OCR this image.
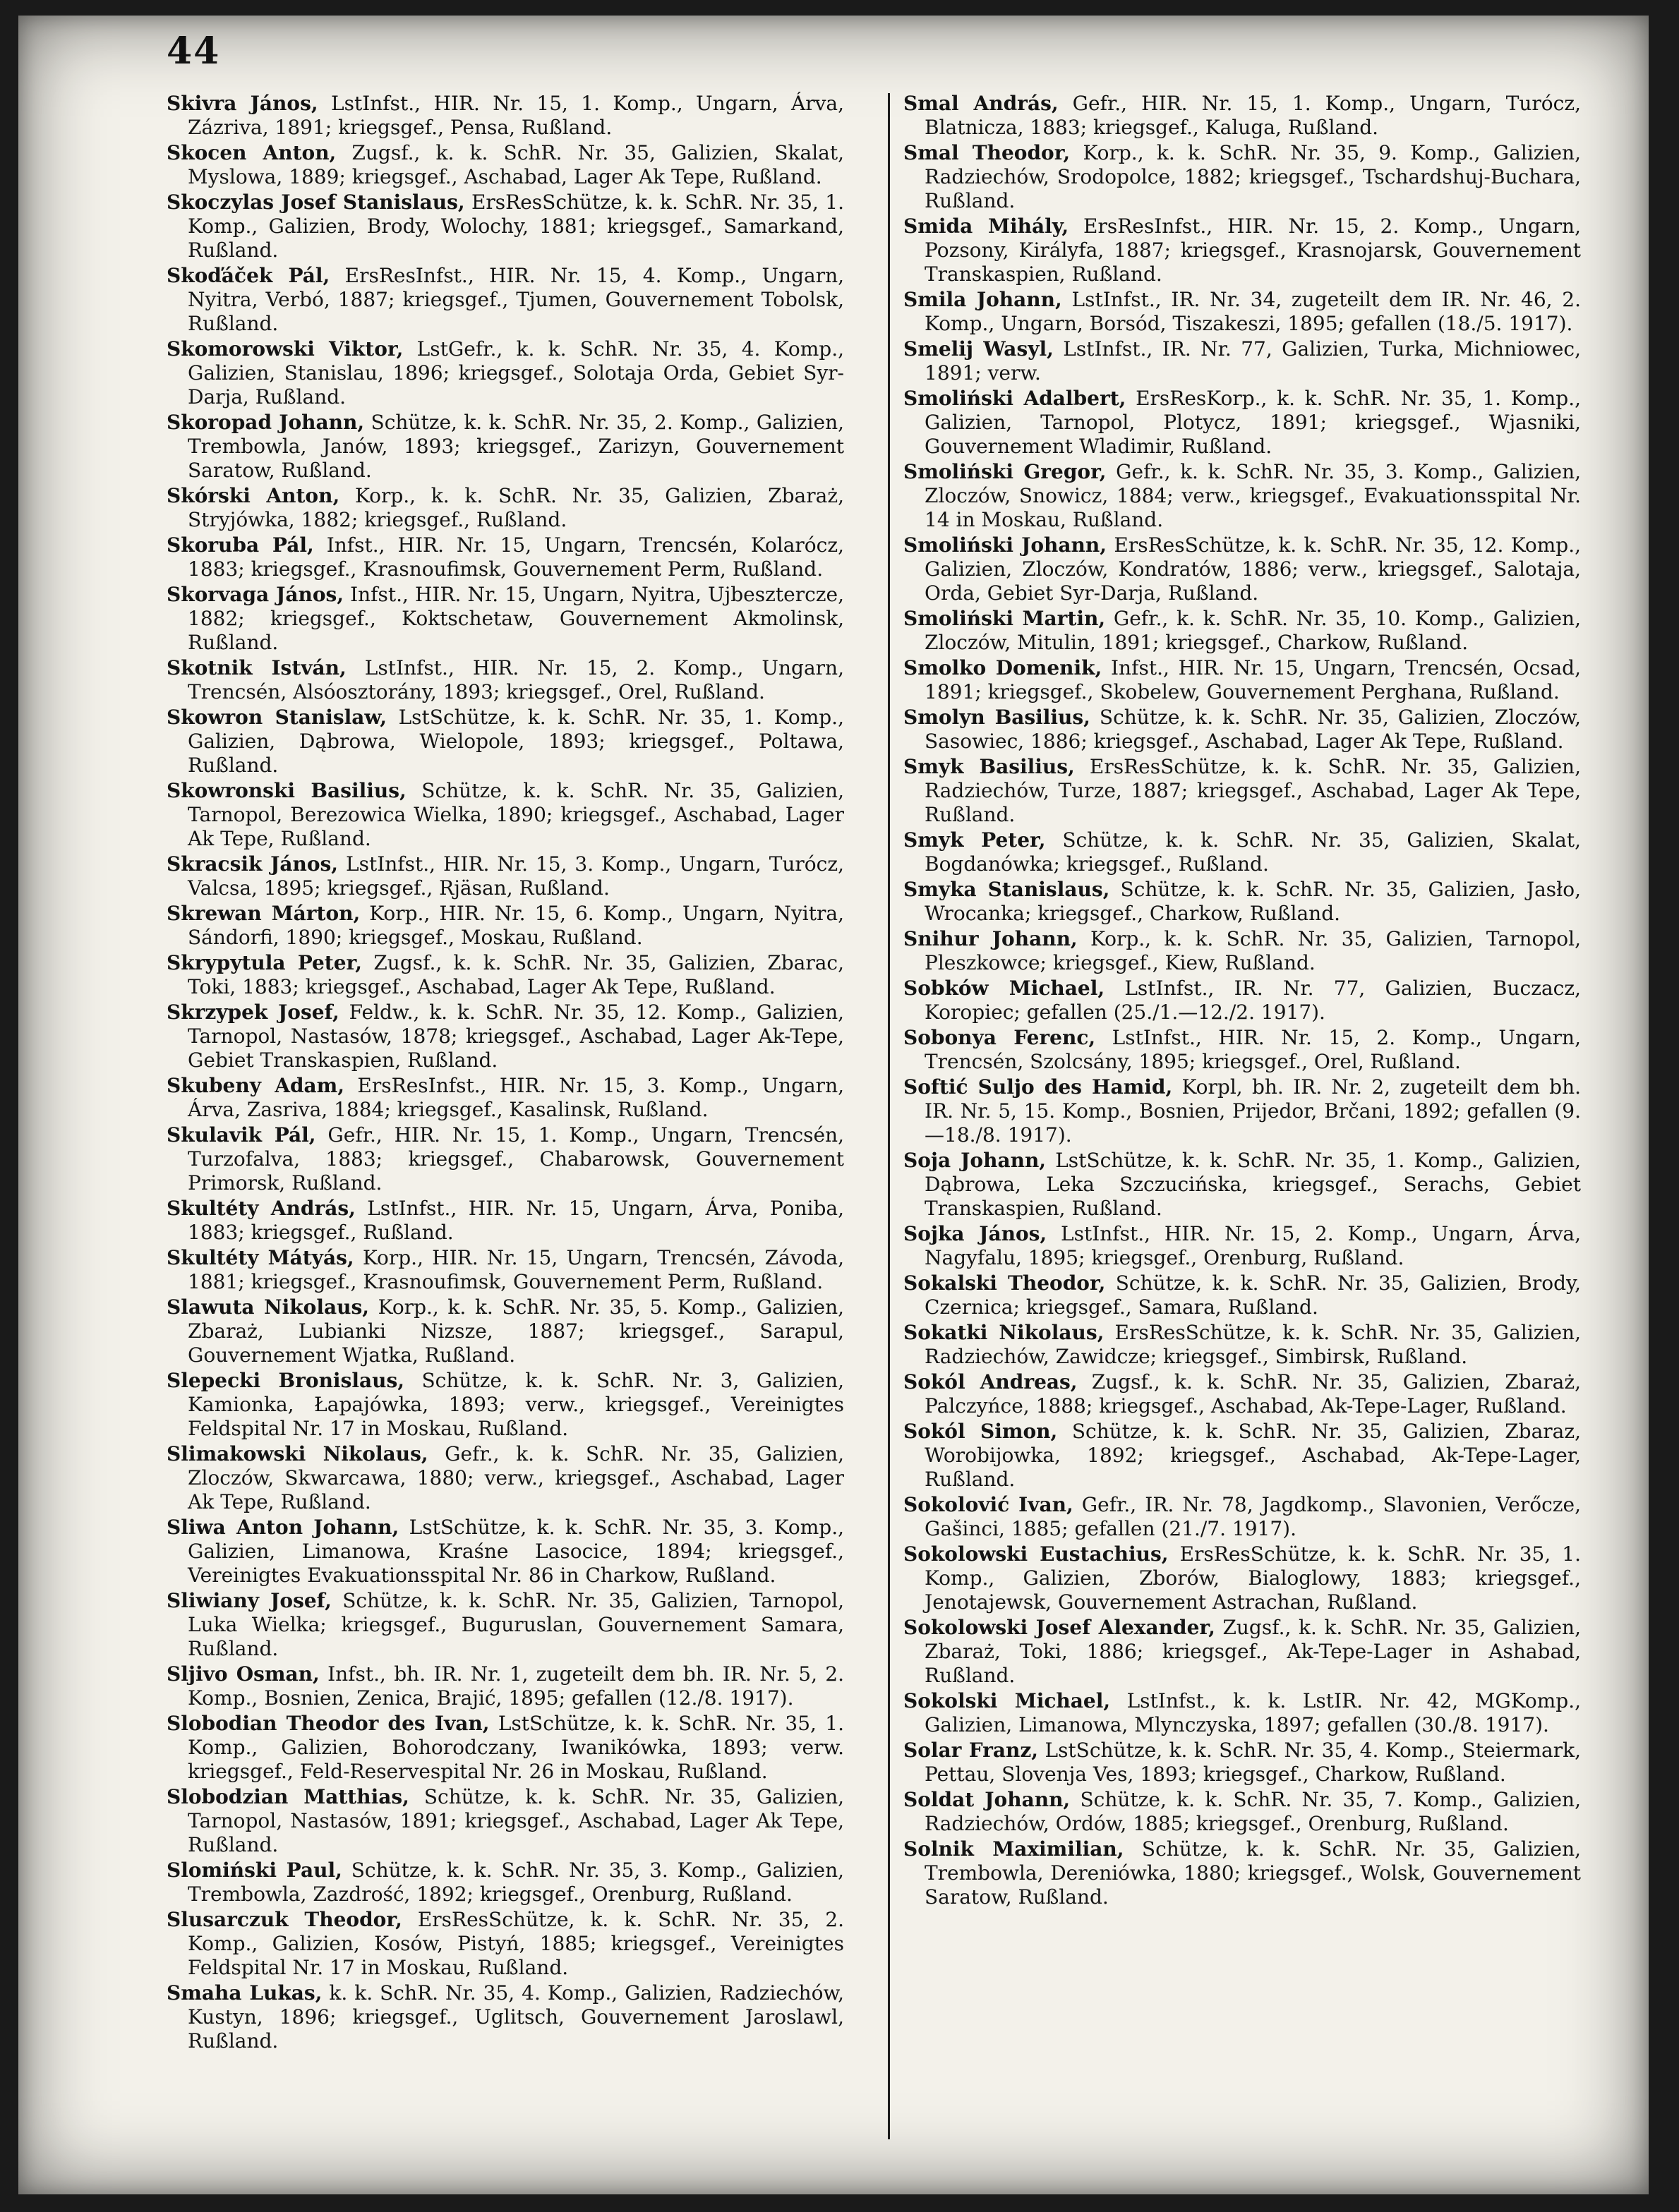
44

Skivra János, LstInfst., HIR. Nr. 15, 1. Komp., Ungarn, Árva, Zázriva, 1891; kriegsgef., Pensa, Rußland.

Skocen Anton, Zugsf., k. k. SchR. Nr. 35, Galizien, Skalat, Myslowa, 1889; kriegsgef., Aschabad, Lager Ak Tepe, Rußland.

Skoczylas Josef Stanislaus, ErsResSchütze, k. k. SchR. Nr. 35, 1. Komp., Galizien, Brody, Wolochy, 1881; kriegsgef., Samarkand, Rußland.

Skoďáček Pál, ErsResInfst., HIR. Nr. 15, 4. Komp., Ungarn, Nyitra, Verbó, 1887; kriegsgef., Tjumen, Gouvernement Tobolsk, Rußland.

Skomorowski Viktor, LstGefr., k. k. SchR. Nr. 35, 4. Komp., Galizien, Stanislau, 1896; kriegsgef., Solotaja Orda, Gebiet Syr-Darja, Rußland.

Skoropad Johann, Schütze, k. k. SchR. Nr. 35, 2. Komp., Galizien, Trembowla, Janów, 1893; kriegsgef., Zarizyn, Gouvernement Saratow, Rußland.

Skórski Anton, Korp., k. k. SchR. Nr. 35, Galizien, Zbaraż, Stryjówka, 1882; kriegsgef., Rußland.

Skoruba Pál, Infst., HIR. Nr. 15, Ungarn, Trencsén, Kolarócz, 1883; kriegsgef., Krasnoufimsk, Gouvernement Perm, Rußland.

Skorvaga János, Infst., HIR. Nr. 15, Ungarn, Nyitra, Ujbesztercze, 1882; kriegsgef., Koktschetaw, Gouvernement Akmolinsk, Rußland.

Skotnik István, LstInfst., HIR. Nr. 15, 2. Komp., Ungarn, Trencsén, Alsóosztorány, 1893; kriegsgef., Orel, Rußland.

Skowron Stanislaw, LstSchütze, k. k. SchR. Nr. 35, 1. Komp., Galizien, Dąbrowa, Wielopole, 1893; kriegsgef., Poltawa, Rußland.

Skowronski Basilius, Schütze, k. k. SchR. Nr. 35, Galizien, Tarnopol, Berezowica Wielka, 1890; kriegsgef., Aschabad, Lager Ak Tepe, Rußland.

Skracsik János, LstInfst., HIR. Nr. 15, 3. Komp., Ungarn, Turócz, Valcsa, 1895; kriegsgef., Rjäsan, Rußland.

Skrewan Márton, Korp., HIR. Nr. 15, 6. Komp., Ungarn, Nyitra, Sándorfi, 1890; kriegsgef., Moskau, Rußland.

Skrypytula Peter, Zugsf., k. k. SchR. Nr. 35, Galizien, Zbarac, Toki, 1883; kriegsgef., Aschabad, Lager Ak Tepe, Rußland.

Skrzypek Josef, Feldw., k. k. SchR. Nr. 35, 12. Komp., Galizien, Tarnopol, Nastasów, 1878; kriegsgef., Aschabad, Lager Ak-Tepe, Gebiet Transkaspien, Rußland.

Skubeny Adam, ErsResInfst., HIR. Nr. 15, 3. Komp., Ungarn, Árva, Zasriva, 1884; kriegsgef., Kasalinsk, Rußland.

Skulavik Pál, Gefr., HIR. Nr. 15, 1. Komp., Ungarn, Trencsén, Turzofalva, 1883; kriegsgef., Chabarowsk, Gouvernement Primorsk, Rußland.

Skultéty András, LstInfst., HIR. Nr. 15, Ungarn, Árva, Poniba, 1883; kriegsgef., Rußland.

Skultéty Mátyás, Korp., HIR. Nr. 15, Ungarn, Trencsén, Závoda, 1881; kriegsgef., Krasnoufimsk, Gouvernement Perm, Rußland.

Slawuta Nikolaus, Korp., k. k. SchR. Nr. 35, 5. Komp., Galizien, Zbaraż, Lubianki Nizsze, 1887; kriegsgef., Sarapul, Gouvernement Wjatka, Rußland.

Slepecki Bronislaus, Schütze, k. k. SchR. Nr. 3, Galizien, Kamionka, Łapajówka, 1893; verw., kriegsgef., Vereinigtes Feldspital Nr. 17 in Moskau, Rußland.

Slimakowski Nikolaus, Gefr., k. k. SchR. Nr. 35, Galizien, Zloczów, Skwarcawa, 1880; verw., kriegsgef., Aschabad, Lager Ak Tepe, Rußland.

Sliwa Anton Johann, LstSchütze, k. k. SchR. Nr. 35, 3. Komp., Galizien, Limanowa, Kraśne Lasocice, 1894; kriegsgef., Vereinigtes Evakuationsspital Nr. 86 in Charkow, Rußland.

Sliwiany Josef, Schütze, k. k. SchR. Nr. 35, Galizien, Tarnopol, Luka Wielka; kriegsgef., Buguruslan, Gouvernement Samara, Rußland.

Sljivo Osman, Infst., bh. IR. Nr. 1, zugeteilt dem bh. IR. Nr. 5, 2. Komp., Bosnien, Zenica, Brajić, 1895; gefallen (12./8. 1917).

Slobodian Theodor des Ivan, LstSchütze, k. k. SchR. Nr. 35, 1. Komp., Galizien, Bohorodczany, Iwanikówka, 1893; verw. kriegsgef., Feld-Reservespital Nr. 26 in Moskau, Rußland.

Slobodzian Matthias, Schütze, k. k. SchR. Nr. 35, Galizien, Tarnopol, Nastasów, 1891; kriegsgef., Aschabad, Lager Ak Tepe, Rußland.

Slomiński Paul, Schütze, k. k. SchR. Nr. 35, 3. Komp., Galizien, Trembowla, Zazdrość, 1892; kriegsgef., Orenburg, Rußland.

Slusarczuk Theodor, ErsResSchütze, k. k. SchR. Nr. 35, 2. Komp., Galizien, Kosów, Pistyń, 1885; kriegsgef., Vereinigtes Feldspital Nr. 17 in Moskau, Rußland.

Smaha Lukas, k. k. SchR. Nr. 35, 4. Komp., Galizien, Radziechów, Kustyn, 1896; kriegsgef., Uglitsch, Gouvernement Jaroslawl, Rußland.

Smal András, Gefr., HIR. Nr. 15, 1. Komp., Ungarn, Turócz, Blatnicza, 1883; kriegsgef., Kaluga, Rußland.

Smal Theodor, Korp., k. k. SchR. Nr. 35, 9. Komp., Galizien, Radziechów, Srodopolce, 1882; kriegsgef., Tschardshuj-Buchara, Rußland.

Smida Mihály, ErsResInfst., HIR. Nr. 15, 2. Komp., Ungarn, Pozsony, Királyfa, 1887; kriegsgef., Krasnojarsk, Gouvernement Transkaspien, Rußland.

Smila Johann, LstInfst., IR. Nr. 34, zugeteilt dem IR. Nr. 46, 2. Komp., Ungarn, Borsód, Tiszakeszi, 1895; gefallen (18./5. 1917).

Smelij Wasyl, LstInfst., IR. Nr. 77, Galizien, Turka, Michniowec, 1891; verw.

Smoliński Adalbert, ErsResKorp., k. k. SchR. Nr. 35, 1. Komp., Galizien, Tarnopol, Plotycz, 1891; kriegsgef., Wjasniki, Gouvernement Wladimir, Rußland.

Smoliński Gregor, Gefr., k. k. SchR. Nr. 35, 3. Komp., Galizien, Zloczów, Snowicz, 1884; verw., kriegsgef., Evakuationsspital Nr. 14 in Moskau, Rußland.

Smoliński Johann, ErsResSchütze, k. k. SchR. Nr. 35, 12. Komp., Galizien, Zloczów, Kondratów, 1886; verw., kriegsgef., Salotaja, Orda, Gebiet Syr-Darja, Rußland.

Smoliński Martin, Gefr., k. k. SchR. Nr. 35, 10. Komp., Galizien, Zloczów, Mitulin, 1891; kriegsgef., Charkow, Rußland.

Smolko Domenik, Infst., HIR. Nr. 15, Ungarn, Trencsén, Ocsad, 1891; kriegsgef., Skobelew, Gouvernement Perghana, Rußland.

Smolyn Basilius, Schütze, k. k. SchR. Nr. 35, Galizien, Zloczów, Sasowiec, 1886; kriegsgef., Aschabad, Lager Ak Tepe, Rußland.

Smyk Basilius, ErsResSchütze, k. k. SchR. Nr. 35, Galizien, Radziechów, Turze, 1887; kriegsgef., Aschabad, Lager Ak Tepe, Rußland.

Smyk Peter, Schütze, k. k. SchR. Nr. 35, Galizien, Skalat, Bogdanówka; kriegsgef., Rußland.

Smyka Stanislaus, Schütze, k. k. SchR. Nr. 35, Galizien, Jasło, Wrocanka; kriegsgef., Charkow, Rußland.

Snihur Johann, Korp., k. k. SchR. Nr. 35, Galizien, Tarnopol, Pleszkowce; kriegsgef., Kiew, Rußland.

Sobków Michael, LstInfst., IR. Nr. 77, Galizien, Buczacz, Koropiec; gefallen (25./1.—12./2. 1917).

Sobonya Ferenc, LstInfst., HIR. Nr. 15, 2. Komp., Ungarn, Trencsén, Szolcsány, 1895; kriegsgef., Orel, Rußland.

Softić Suljo des Hamid, Korpl, bh. IR. Nr. 2, zugeteilt dem bh. IR. Nr. 5, 15. Komp., Bosnien, Prijedor, Brčani, 1892; gefallen (9.—18./8. 1917).

Soja Johann, LstSchütze, k. k. SchR. Nr. 35, 1. Komp., Galizien, Dąbrowa, Leka Szczucińska, kriegsgef., Serachs, Gebiet Transkaspien, Rußland.

Sojka János, LstInfst., HIR. Nr. 15, 2. Komp., Ungarn, Árva, Nagyfalu, 1895; kriegsgef., Orenburg, Rußland.

Sokalski Theodor, Schütze, k. k. SchR. Nr. 35, Galizien, Brody, Czernica; kriegsgef., Samara, Rußland.

Sokatki Nikolaus, ErsResSchütze, k. k. SchR. Nr. 35, Galizien, Radziechów, Zawidcze; kriegsgef., Simbirsk, Rußland.

Sokól Andreas, Zugsf., k. k. SchR. Nr. 35, Galizien, Zbaraż, Palczyńce, 1888; kriegsgef., Aschabad, Ak-Tepe-Lager, Rußland.

Sokól Simon, Schütze, k. k. SchR. Nr. 35, Galizien, Zbaraz, Worobijowka, 1892; kriegsgef., Aschabad, Ak-Tepe-Lager, Rußland.

Sokolović Ivan, Gefr., IR. Nr. 78, Jagdkomp., Slavonien, Verőcze, Gašinci, 1885; gefallen (21./7. 1917).

Sokolowski Eustachius, ErsResSchütze, k. k. SchR. Nr. 35, 1. Komp., Galizien, Zborów, Bialoglowy, 1883; kriegsgef., Jenotajewsk, Gouvernement Astrachan, Rußland.

Sokolowski Josef Alexander, Zugsf., k. k. SchR. Nr. 35, Galizien, Zbaraż, Toki, 1886; kriegsgef., Ak-Tepe-Lager in Ashabad, Rußland.

Sokolski Michael, LstInfst., k. k. LstIR. Nr. 42, MGKomp., Galizien, Limanowa, Mlynczyska, 1897; gefallen (30./8. 1917).

Solar Franz, LstSchütze, k. k. SchR. Nr. 35, 4. Komp., Steiermark, Pettau, Slovenja Ves, 1893; kriegsgef., Charkow, Rußland.

Soldat Johann, Schütze, k. k. SchR. Nr. 35, 7. Komp., Galizien, Radziechów, Ordów, 1885; kriegsgef., Orenburg, Rußland.

Solnik Maximilian, Schütze, k. k. SchR. Nr. 35, Galizien, Trembowla, Dereniówka, 1880; kriegsgef., Wolsk, Gouvernement Saratow, Rußland.
